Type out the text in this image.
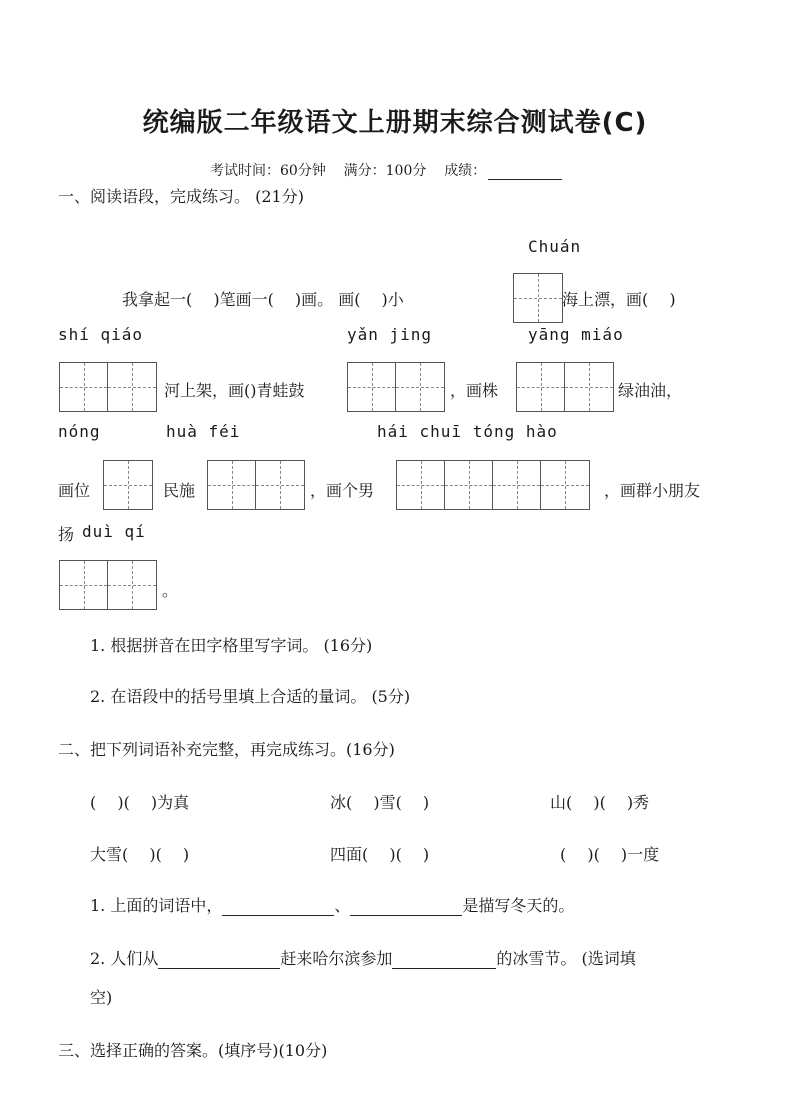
统编版二年级语文上册期末综合测试卷(C)
考试时间：60分钟 满分：100分 成绩：
一、阅读语段，完成练习。 (21分)
Chuán
我拿起一(　 )笔画一(　 )画。 画(　 )小	海上漂，画(　 )
shí qiáo	yǎn jing	yāng miáo
河上架，画()青蛙鼓	，画株	绿油油，
nóng	huà féi	hái chuī tóng hào
画位	民施	，画个男	，画群小朋友
扬 duì qí
。
1. 根据拼音在田字格里写字词。 (16分)
2. 在语段中的括号里填上合适的量词。 (5分)
二、把下列词语补充完整，再完成练习。(16分)
(　 )(　 )为真	冰(　 )雪(　 )	山(　 )(　 )秀
大雪(　 )(　 )	四面(　 )(　 )	(　 )(　 )一度
1. 上面的词语中，	、	是描写冬天的。
2. 人们从	赶来哈尔滨参加	的冰雪节。 (选词填
空)
三、选择正确的答案。(填序号)(10分)
